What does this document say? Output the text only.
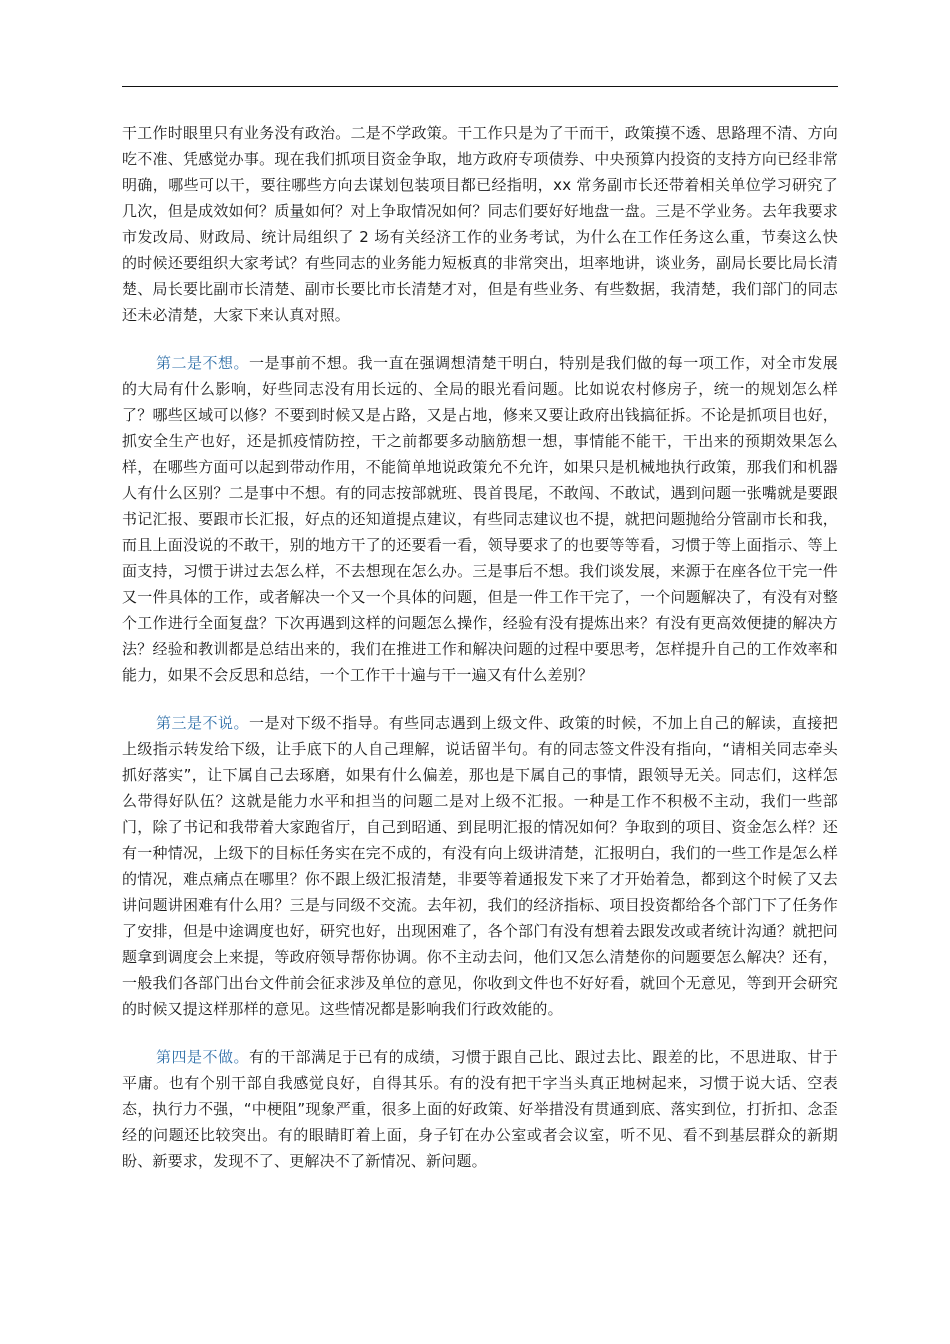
干工作时眼里只有业务没有政治。二是不学政策。干工作只是为了干而干，政策摸不透、思路理不清、方向吃不准、凭感觉办事。现在我们抓项目资金争取，地方政府专项债券、中央预算内投资的支持方向已经非常明确，哪些可以干，要往哪些方向去谋划包装项目都已经指明，xx 常务副市长还带着相关单位学习研究了几次，但是成效如何？质量如何？对上争取情况如何？同志们要好好地盘一盘。三是不学业务。去年我要求市发改局、财政局、统计局组织了 2 场有关经济工作的业务考试，为什么在工作任务这么重，节奏这么快的时候还要组织大家考试？有些同志的业务能力短板真的非常突出，坦率地讲，谈业务，副局长要比局长清楚、局长要比副市长清楚、副市长要比市长清楚才对，但是有些业务、有些数据，我清楚，我们部门的同志还未必清楚，大家下来认真对照。

第二是不想。一是事前不想。我一直在强调想清楚干明白，特别是我们做的每一项工作，对全市发展的大局有什么影响，好些同志没有用长远的、全局的眼光看问题。比如说农村修房子，统一的规划怎么样了？哪些区域可以修？不要到时候又是占路，又是占地，修来又要让政府出钱搞征拆。不论是抓项目也好，抓安全生产也好，还是抓疫情防控，干之前都要多动脑筋想一想，事情能不能干，干出来的预期效果怎么样，在哪些方面可以起到带动作用，不能简单地说政策允不允许，如果只是机械地执行政策，那我们和机器人有什么区别？二是事中不想。有的同志按部就班、畏首畏尾，不敢闯、不敢试，遇到问题一张嘴就是要跟书记汇报、要跟市长汇报，好点的还知道提点建议，有些同志建议也不提，就把问题抛给分管副市长和我，而且上面没说的不敢干，别的地方干了的还要看一看，领导要求了的也要等等看，习惯于等上面指示、等上面支持，习惯于讲过去怎么样，不去想现在怎么办。三是事后不想。我们谈发展，来源于在座各位干完一件又一件具体的工作，或者解决一个又一个具体的问题，但是一件工作干完了，一个问题解决了，有没有对整个工作进行全面复盘？下次再遇到这样的问题怎么操作，经验有没有提炼出来？有没有更高效便捷的解决方法？经验和教训都是总结出来的，我们在推进工作和解决问题的过程中要思考，怎样提升自己的工作效率和能力，如果不会反思和总结，一个工作干十遍与干一遍又有什么差别？

第三是不说。一是对下级不指导。有些同志遇到上级文件、政策的时候，不加上自己的解读，直接把上级指示转发给下级，让手底下的人自己理解，说话留半句。有的同志签文件没有指向，“请相关同志牵头抓好落实”，让下属自己去琢磨，如果有什么偏差，那也是下属自己的事情，跟领导无关。同志们，这样怎么带得好队伍？这就是能力水平和担当的问题二是对上级不汇报。一种是工作不积极不主动，我们一些部门，除了书记和我带着大家跑省厅，自己到昭通、到昆明汇报的情况如何？争取到的项目、资金怎么样？还有一种情况，上级下的目标任务实在完不成的，有没有向上级讲清楚，汇报明白，我们的一些工作是怎么样的情况，难点痛点在哪里？你不跟上级汇报清楚，非要等着通报发下来了才开始着急，都到这个时候了又去讲问题讲困难有什么用？三是与同级不交流。去年初，我们的经济指标、项目投资都给各个部门下了任务作了安排，但是中途调度也好，研究也好，出现困难了，各个部门有没有想着去跟发改或者统计沟通？就把问题拿到调度会上来提，等政府领导帮你协调。你不主动去问，他们又怎么清楚你的问题要怎么解决？还有，一般我们各部门出台文件前会征求涉及单位的意见，你收到文件也不好好看，就回个无意见，等到开会研究的时候又提这样那样的意见。这些情况都是影响我们行政效能的。

第四是不做。有的干部满足于已有的成绩，习惯于跟自己比、跟过去比、跟差的比，不思进取、甘于平庸。也有个别干部自我感觉良好，自得其乐。有的没有把干字当头真正地树起来，习惯于说大话、空表态，执行力不强，“中梗阻”现象严重，很多上面的好政策、好举措没有贯通到底、落实到位，打折扣、念歪经的问题还比较突出。有的眼睛盯着上面，身子钉在办公室或者会议室，听不见、看不到基层群众的新期盼、新要求，发现不了、更解决不了新情况、新问题。
